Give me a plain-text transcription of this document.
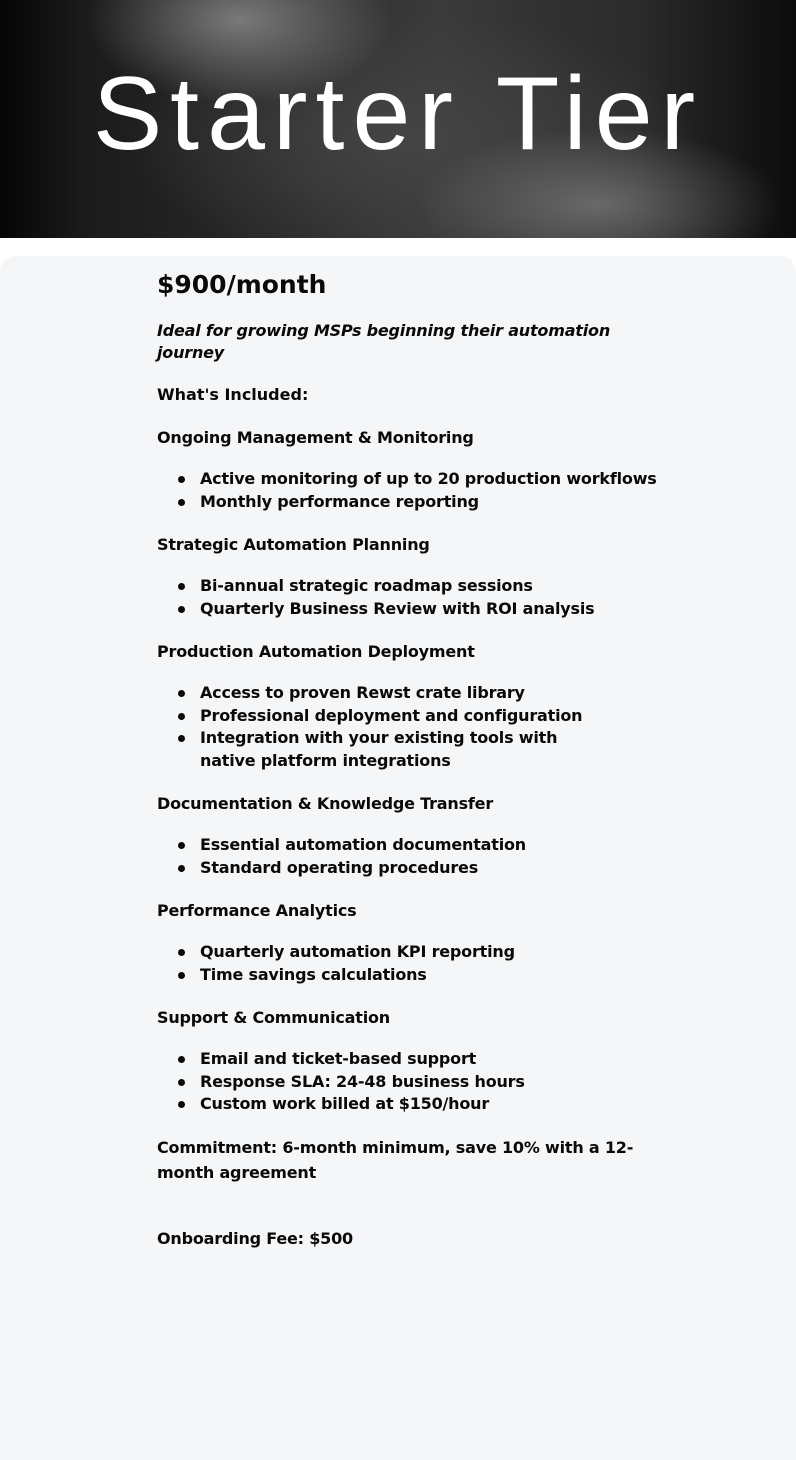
Starter Tier
$900/month
Ideal for growing MSPs beginning their automation journey
What's Included:
Ongoing Management & Monitoring
Active monitoring of up to 20 production workflows
Monthly performance reporting
Strategic Automation Planning
Bi-annual strategic roadmap sessions
Quarterly Business Review with ROI analysis
Production Automation Deployment
Access to proven Rewst crate library
Professional deployment and configuration
Integration with your existing tools with native platform integrations
Documentation & Knowledge Transfer
Essential automation documentation
Standard operating procedures
Performance Analytics
Quarterly automation KPI reporting
Time savings calculations
Support & Communication
Email and ticket-based support
Response SLA: 24-48 business hours
Custom work billed at $150/hour
Commitment: 6-month minimum, save 10% with a 12-month agreement
Onboarding Fee: $500
